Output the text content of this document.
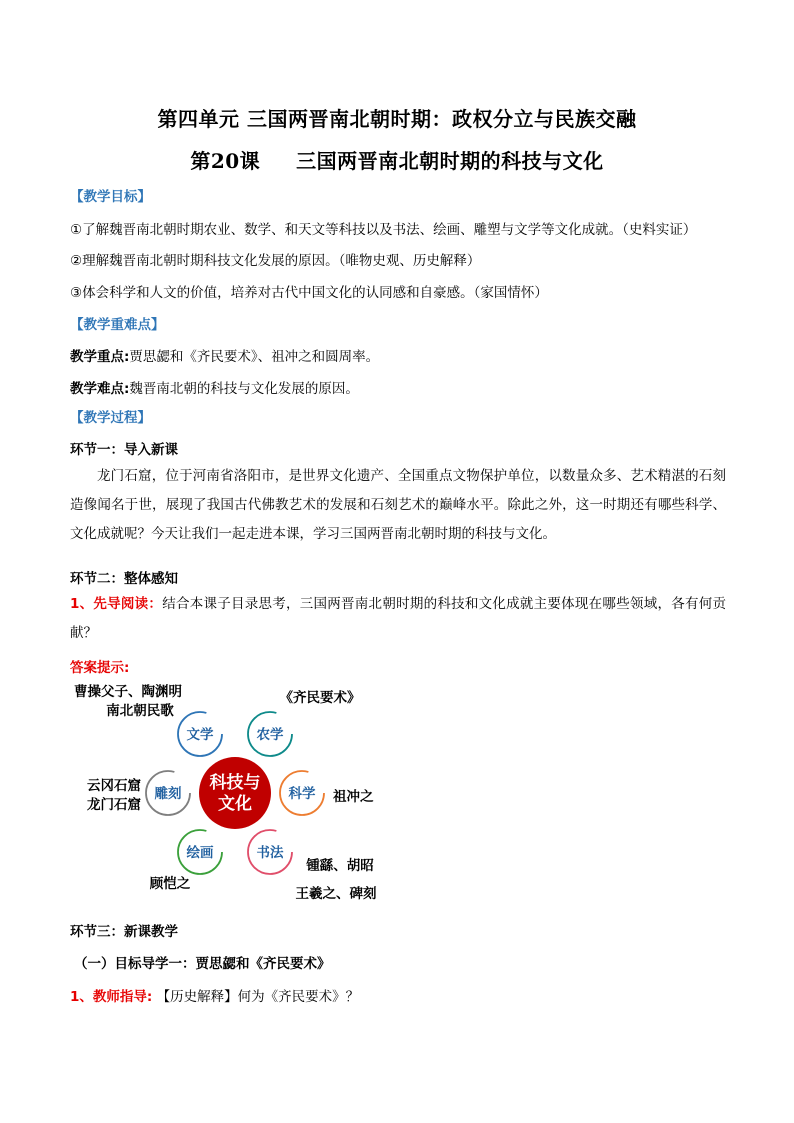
第四单元 三国两晋南北朝时期：政权分立与民族交融
第20课 三国两晋南北朝时期的科技与文化
【教学目标】
①了解魏晋南北朝时期农业、数学、和天文等科技以及书法、绘画、雕塑与文学等文化成就。（史料实证）
②理解魏晋南北朝时期科技文化发展的原因。（唯物史观、历史解释）
③体会科学和人文的价值，培养对古代中国文化的认同感和自豪感。（家国情怀）
【教学重难点】
教学重点:贾思勰和《齐民要术》、祖冲之和圆周率。
教学难点:魏晋南北朝的科技与文化发展的原因。
【教学过程】
环节一：导入新课
龙门石窟，位于河南省洛阳市，是世界文化遗产、全国重点文物保护单位，以数量众多、艺术精湛的石刻造像闻名于世，展现了我国古代佛教艺术的发展和石刻艺术的巅峰水平。除此之外，这一时期还有哪些科学、文化成就呢？今天让我们一起走进本课，学习三国两晋南北朝时期的科技与文化。
环节二：整体感知
1、先导阅读：结合本课子目录思考，三国两晋南北朝时期的科技和文化成就主要体现在哪些领域，各有何贡献？
答案提示:
科技与
文化
文学	农学
科学
书法
绘画
雕刻
曹操父子、陶渊明
南北朝民歌
《齐民要术》
祖冲之
锺繇、胡昭
王羲之、碑刻
顾恺之
云冈石窟
龙门石窟
环节三：新课教学
（一）目标导学一：贾思勰和《齐民要术》
1、教师指导: 【历史解释】何为《齐民要术》？
